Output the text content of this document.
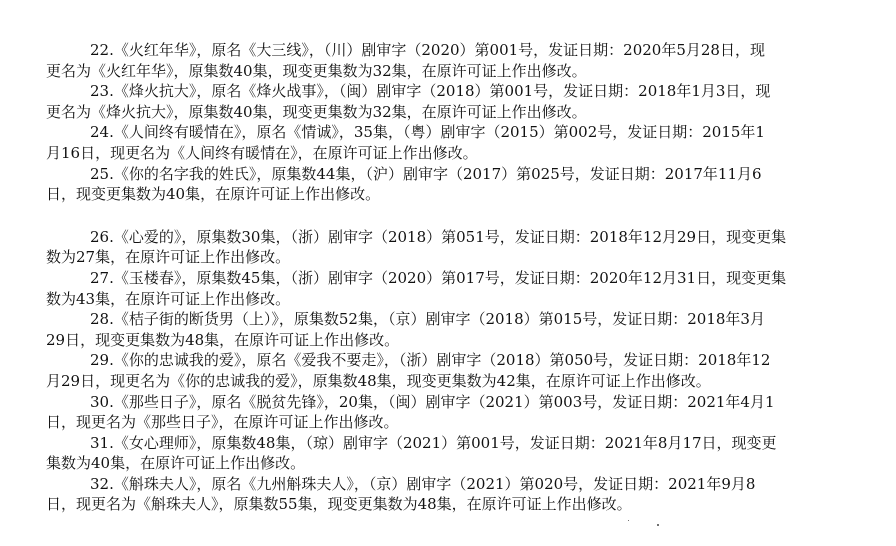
22.《火红年华》，原名《大三线》，（川）剧审字（2020）第001号，发证日期：2020年5月28日，现

更名为《火红年华》，原集数40集，现变更集数为32集，在原许可证上作出修改。

23.《烽火抗大》，原名《烽火战事》，（闽）剧审字（2018）第001号，发证日期：2018年1月3日，现

更名为《烽火抗大》，原集数40集，现变更集数为32集，在原许可证上作出修改。

24.《人间终有暖情在》，原名《情诚》，35集，（粤）剧审字（2015）第002号，发证日期：2015年1

月16日，现更名为《人间终有暖情在》，在原许可证上作出修改。

25.《你的名字我的姓氏》，原集数44集，（沪）剧审字（2017）第025号，发证日期：2017年11月6

日，现变更集数为40集，在原许可证上作出修改。

26.《心爱的》，原集数30集，（浙）剧审字（2018）第051号，发证日期：2018年12月29日，现变更集

数为27集，在原许可证上作出修改。

27.《玉楼春》，原集数45集，（浙）剧审字（2020）第017号，发证日期：2020年12月31日，现变更集

数为43集，在原许可证上作出修改。

28.《桔子街的断货男（上）》，原集数52集，（京）剧审字（2018）第015号，发证日期：2018年3月

29日，现变更集数为48集，在原许可证上作出修改。

29.《你的忠诚我的爱》，原名《爱我不要走》，（浙）剧审字（2018）第050号，发证日期：2018年12

月29日，现更名为《你的忠诚我的爱》，原集数48集，现变更集数为42集，在原许可证上作出修改。

30.《那些日子》，原名《脱贫先锋》，20集，（闽）剧审字（2021）第003号，发证日期：2021年4月1

日，现更名为《那些日子》，在原许可证上作出修改。

31.《女心理师》，原集数48集，（琼）剧审字（2021）第001号，发证日期：2021年8月17日，现变更

集数为40集，在原许可证上作出修改。

32.《斛珠夫人》，原名《九州斛珠夫人》，（京）剧审字（2021）第020号，发证日期：2021年9月8

日，现更名为《斛珠夫人》，原集数55集，现变更集数为48集，在原许可证上作出修改。
